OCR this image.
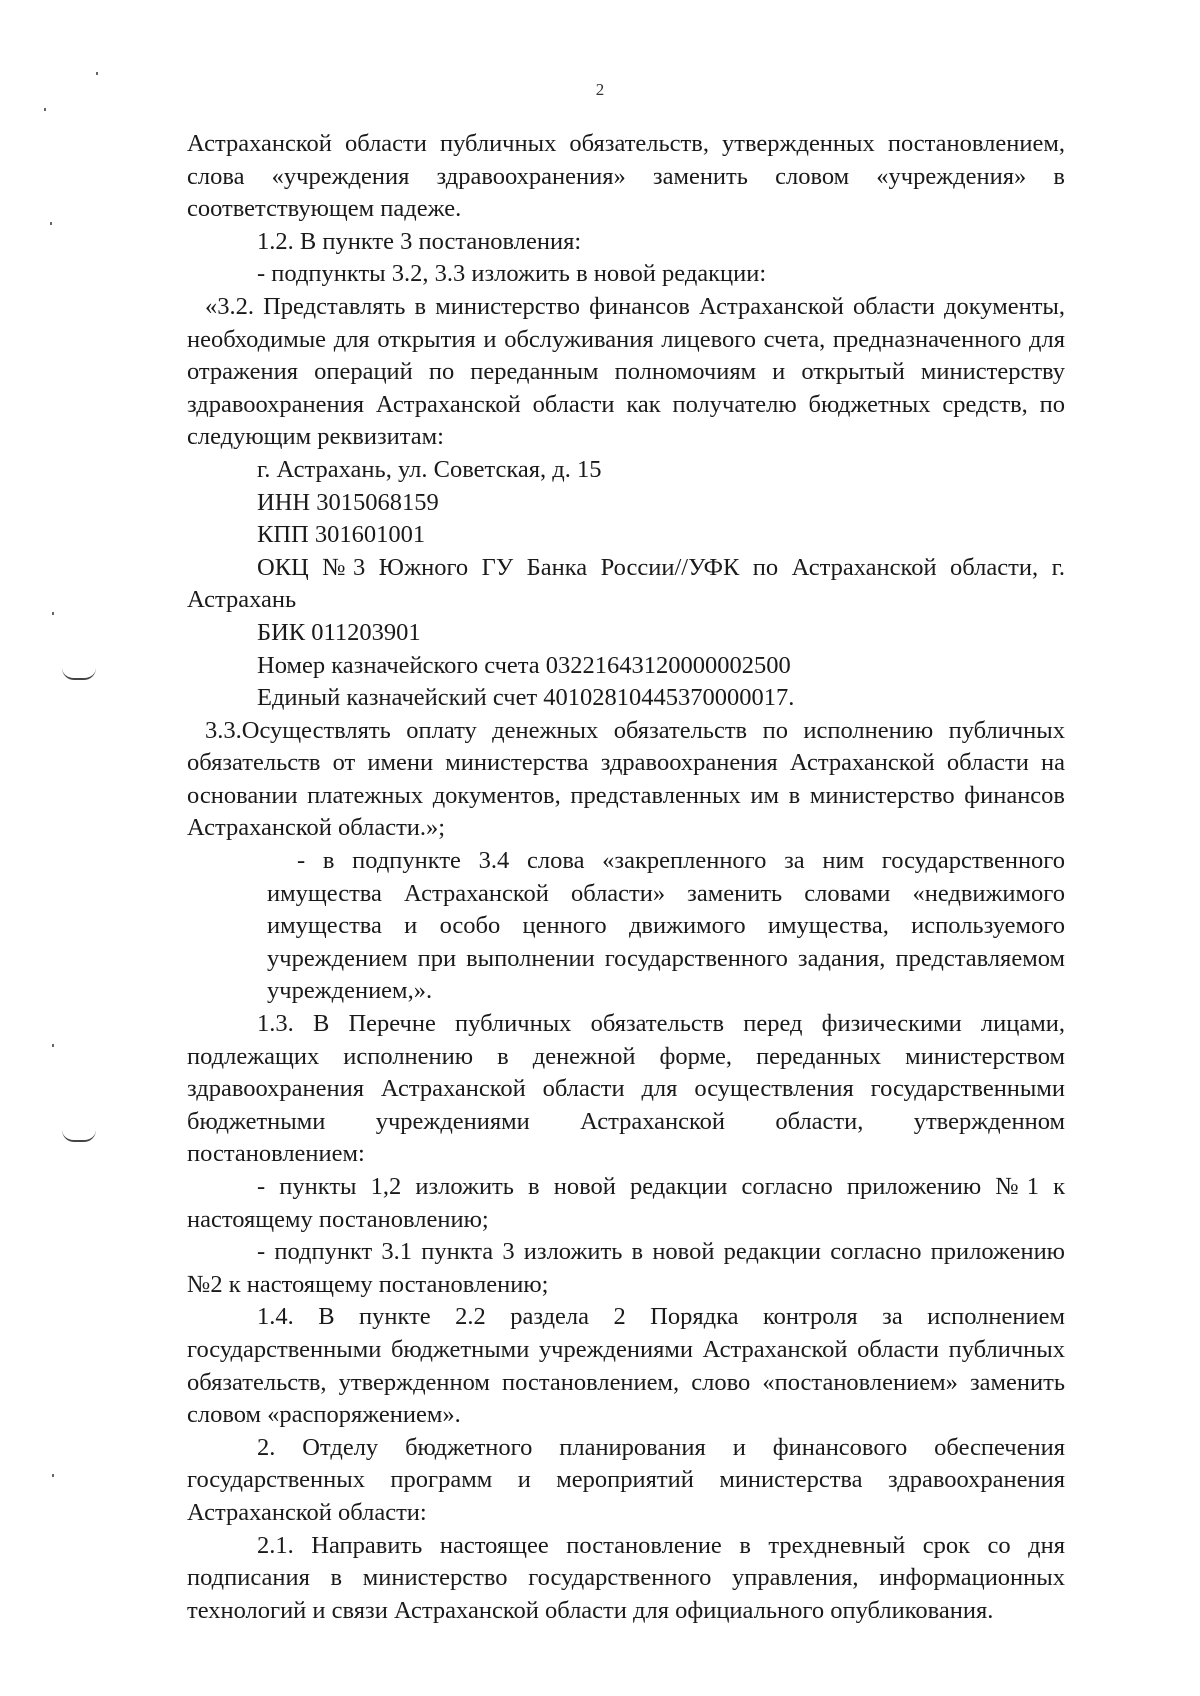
2

Астраханской области публичных обязательств, утвержденных постановлением, слова «учреждения здравоохранения» заменить словом «учреждения» в соответствующем падеже.

1.2. В пункте 3 постановления:

- подпункты 3.2, 3.3 изложить в новой редакции:

«3.2. Представлять в министерство финансов Астраханской области документы, необходимые для открытия и обслуживания лицевого счета, предназначенного для отражения операций по переданным полномочиям и открытый министерству здравоохранения Астраханской области как получателю бюджетных средств, по следующим реквизитам:

г. Астрахань, ул. Советская, д. 15

ИНН 3015068159

КПП 301601001

ОКЦ №3 Южного ГУ Банка России//УФК по Астраханской области, г. Астрахань

БИК 011203901

Номер казначейского счета 03221643120000002500

Единый казначейский счет 40102810445370000017.

3.3.Осуществлять оплату денежных обязательств по исполнению публичных обязательств от имени министерства здравоохранения Астраханской области на основании платежных документов, представленных им в министерство финансов Астраханской области.»;

- в подпункте 3.4 слова «закрепленного за ним государственного имущества Астраханской области» заменить словами «недвижимого имущества и особо ценного движимого имущества, используемого учреждением при выполнении государственного задания, представляемом учреждением,».

1.3. В Перечне публичных обязательств перед физическими лицами, подлежащих исполнению в денежной форме, переданных министерством здравоохранения Астраханской области для осуществления государственными бюджетными учреждениями Астраханской области, утвержденном постановлением:

- пункты 1,2 изложить в новой редакции согласно приложению №1 к настоящему постановлению;

- подпункт 3.1 пункта 3 изложить в новой редакции согласно приложению №2 к настоящему постановлению;

1.4. В пункте 2.2 раздела 2 Порядка контроля за исполнением государственными бюджетными учреждениями Астраханской области публичных обязательств, утвержденном постановлением, слово «постановлением» заменить словом «распоряжением».

2. Отделу бюджетного планирования и финансового обеспечения государственных программ и мероприятий министерства здравоохранения Астраханской области:

2.1. Направить настоящее постановление в трехдневный срок со дня подписания в министерство государственного управления, информационных технологий и связи Астраханской области для официального опубликования.
